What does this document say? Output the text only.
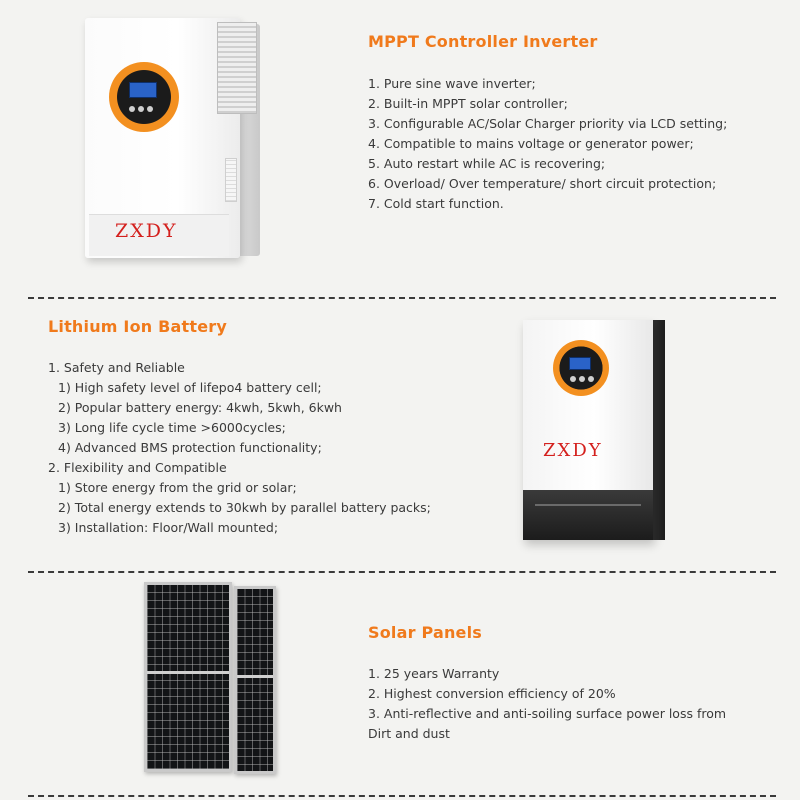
ZXDY
MPPT Controller Inverter
1. Pure sine wave inverter;
2. Built-in MPPT solar controller;
3. Configurable AC/Solar Charger priority via LCD setting;
4. Compatible to mains voltage or generator power;
5. Auto restart while AC is recovering;
6. Overload/ Over temperature/ short circuit protection;
7. Cold start function.
Lithium Ion Battery
1. Safety and Reliable
1) High safety level of lifepo4 battery cell;
2) Popular battery energy: 4kwh, 5kwh, 6kwh
3) Long life cycle time >6000cycles;
4) Advanced BMS protection functionality;
2. Flexibility and Compatible
1) Store energy from the grid or solar;
2) Total energy extends to 30kwh by parallel battery packs;
3) Installation: Floor/Wall mounted;
ZXDY
Solar Panels
1. 25 years Warranty
2. Highest conversion efficiency of 20%
3. Anti-reflective and anti-soiling surface power loss from Dirt and dust
